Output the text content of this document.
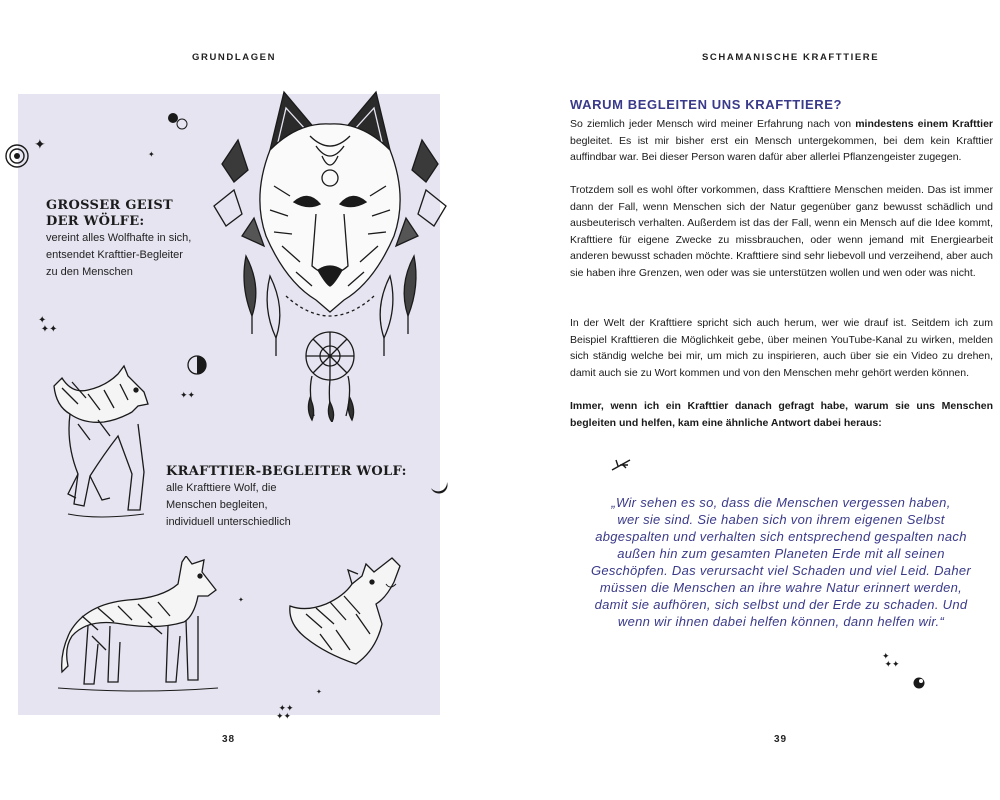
GRUNDLAGEN
✦
✦
✦
✦✦
✦✦
✦
✦
✦✦
✦✦
GROSSER GEIST
DER WÖLFE:
vereint alles Wolfhafte in sich,
entsendet Krafttier-Begleiter
zu den Menschen
KRAFTTIER-BEGLEITER WOLF:
alle Krafttiere Wolf, die
Menschen begleiten,
individuell unterschiedlich
38
SCHAMANISCHE KRAFTTIERE
WARUM BEGLEITEN UNS KRAFTTIERE?
So ziemlich jeder Mensch wird meiner Erfahrung nach von mindestens einem Krafttier begleitet. Es ist mir bisher erst ein Mensch untergekommen, bei dem kein Krafttier auffindbar war. Bei dieser Person waren dafür aber allerlei Pflanzengeister zugegen.
Trotzdem soll es wohl öfter vorkommen, dass Krafttiere Menschen meiden. Das ist immer dann der Fall, wenn Menschen sich der Natur gegenüber ganz bewusst schädlich und ausbeuterisch verhalten. Außerdem ist das der Fall, wenn ein Mensch auf die Idee kommt, Krafttiere für eigene Zwecke zu missbrauchen, oder wenn jemand mit Energiearbeit anderen bewusst schaden möchte. Krafttiere sind sehr liebevoll und verzeihend, aber auch sie haben ihre Grenzen, wen oder was sie unterstützen wollen und wen oder was nicht.
In der Welt der Krafttiere spricht sich auch herum, wer wie drauf ist. Seitdem ich zum Beispiel Krafttieren die Möglichkeit gebe, über meinen YouTube-Kanal zu wirken, melden sich ständig welche bei mir, um mich zu inspirieren, auch über sie ein Video zu drehen, damit auch sie zu Wort kommen und von den Menschen mehr gehört werden können.
Immer, wenn ich ein Krafttier danach gefragt habe, warum sie uns Menschen begleiten und helfen, kam eine ähnliche Antwort dabei heraus:
„Wir sehen es so, dass die Menschen vergessen haben,
wer sie sind. Sie haben sich von ihrem eigenen Selbst
abgespalten und verhalten sich entsprechend gespalten nach
außen hin zum gesamten Planeten Erde mit all seinen
Geschöpfen. Das verursacht viel Schaden und viel Leid. Daher
müssen die Menschen an ihre wahre Natur erinnert werden,
damit sie aufhören, sich selbst und der Erde zu schaden. Und
wenn wir ihnen dabei helfen können, dann helfen wir.“
✦
✦✦
39
